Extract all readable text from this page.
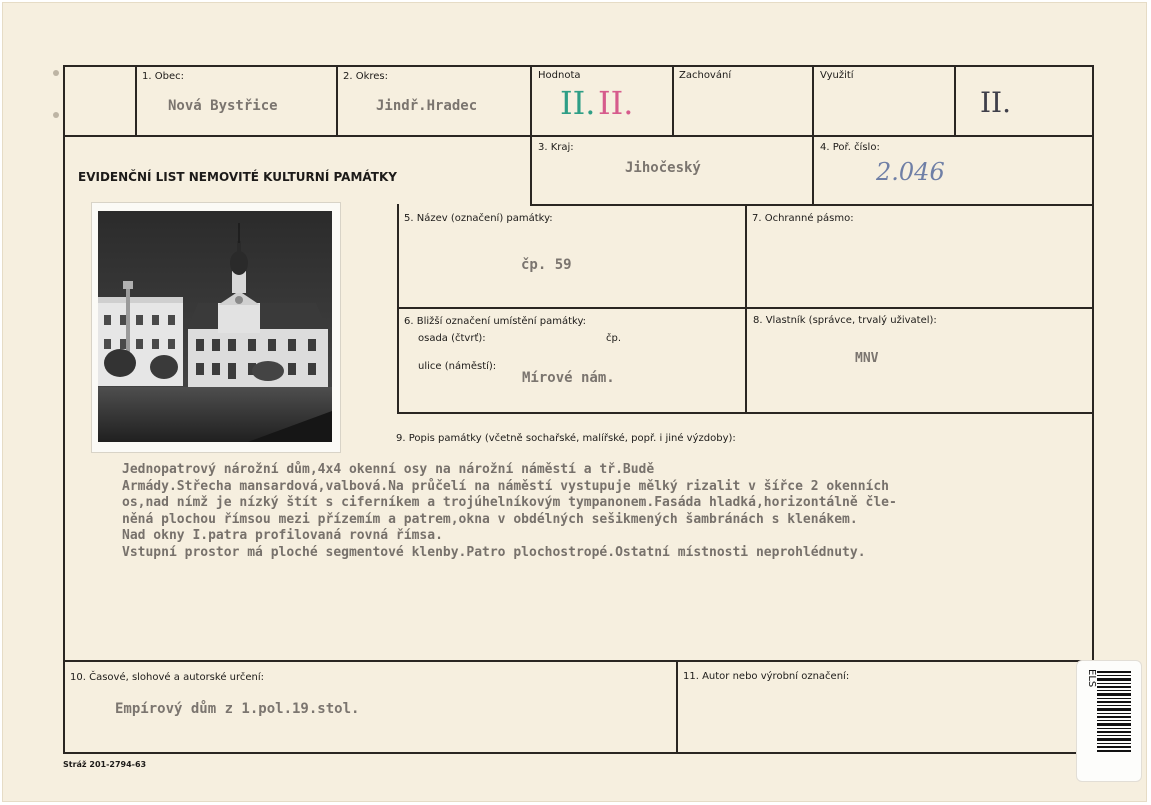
1. Obec:
Nová Bystřice
2. Okres:
Jindř.Hradec
Hodnota
II. II.
Zachování	Využití
II.
EVIDENČNÍ LIST NEMOVITÉ KULTURNÍ PAMÁTKY
3. Kraj:
Jihočeský
4. Poř. číslo:
2.046
5. Název (označení) památky:
čp. 59
7. Ochranné pásmo:
6. Bližší označení umístění památky:
osada (čtvrť):	čp.
ulice (náměstí):
Mírové nám.
8. Vlastník (správce, trvalý uživatel):
MNV
9. Popis památky (včetně sochařské, malířské, popř. i jiné výzdoby):
Jednopatrový nárožní dům,4x4 okenní osy na nárožní náměstí a tř.Budě
Armády.Střecha mansardová,valbová.Na průčelí na náměstí vystupuje mělký rizalit v šířce 2 okenních
os,nad nímž je nízký štít s ciferníkem a trojúhelníkovým tympanonem.Fasáda hladká,horizontálně čle-
něná plochou římsou mezi přízemím a patrem,okna v obdélných sešikmených šambránách s klenákem.
Nad okny I.patra profilovaná rovná římsa.
Vstupní prostor má ploché segmentové klenby.Patro plochostropé.Ostatní místnosti neprohlédnuty.
10. Časové, slohové a autorské určení:
Empírový dům z 1.pol.19.stol.
11. Autor nebo výrobní označení:
Stráž 201-2794-63
ELS
